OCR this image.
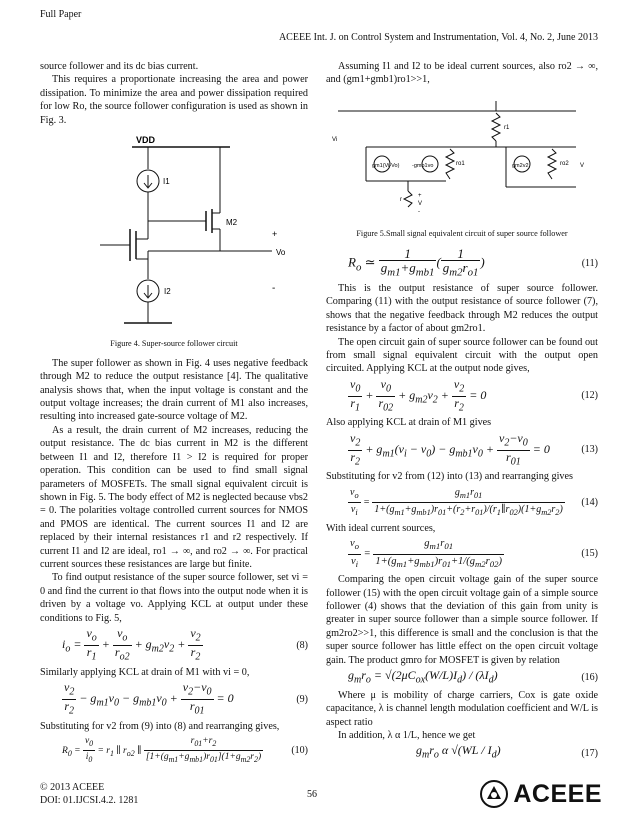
Full Paper
ACEEE Int. J. on Control System and Instrumentation, Vol. 4, No. 2, June 2013

source follower and its dc bias current.

This requires a proportionate increasing the area and power dissipation. To minimize the area and power dissipation required for low Ro, the source follower configuration is used as shown in Fig. 3.

VDD
I1
M2
Vo
+
I2	-
Figure 4. Super-source follower circuit

The super follower as shown in Fig. 4 uses negative feedback through M2 to reduce the output resistance [4]. The qualitative analysis shows that, when the input voltage is constant and the output voltage increases; the drain current of M1 also increases, resulting into increased gate-source voltage of M2.

As a result, the drain current of M2 increases, reducing the output resistance. The dc bias current in M2 is the different between I1 and I2, therefore I1 > I2 is required for proper operation. This condition can be used to find small signal parameters of MOSFETs. The small signal equivalent circuit is shown in Fig. 5. The body effect of M2 is neglected because vbs2 = 0. The polarities voltage controlled current sources for NMOS and PMOS are identical. The current sources I1 and I2 are replaced by their internal resistances r1 and r2 respectively. If current I1 and I2 are ideal, ro1 → ∞, and ro2 → ∞. For practical current sources these resistances are large but finite.

To find output resistance of the super source follower, set vi = 0 and find the current io that flows into the output node when it is driven by a voltage vo. Applying KCL at output under these conditions to Fig. 5,

$i_o = \frac{v_o}{r_1} + \frac{v_o}{r_{o2}} + g_{m2}v_2 + \frac{v_2}{r_2}$	(8)

Similarly applying KCL at drain of M1 with vi = 0,

$\frac{v_2}{r_2} - g_{m1}v_0 - g_{mb1}v_0 + \frac{v_2-v_0}{r_{01}} = 0$	(9)

Substituting for v2 from (9) into (8) and rearranging gives,

$R_0 = \frac{v_0}{i_0} = r_1$ ∥ $r_{o2}$ ∥ $\frac{r_{01}+r_2}{[1+(g_{m1}+g_{mb1})r_{01}](1+g_{m2}r_2)}$	(10)

Assuming I1 and I2 to be ideal current sources, also ro2 → ∞, and (gm1+gmb1)ro1>>1,

r1
Vi
gm1(Vi-Vo) -gmb1vo	ro1
r
+
V
-
gm2v2	ro2 V
Figure 5.Small signal equivalent circuit of super source follower
$R_o$ ≃ $\frac{1}{g_{m1}+g_{mb1}}$ ( $\frac{1}{g_{m2}r_{o1}}$ )	(11)

This is the output resistance of super source follower. Comparing (11) with the output resistance of source follower (7), shows that the negative feedback through M2 reduces the output resistance by a factor of about gm2ro1.

The open circuit gain of super source follower can be found out from small signal equivalent circuit with the output open circuited. Applying KCL at the output node gives,

$\frac{v_0}{r_1} + \frac{v_0}{r_{02}} + g_{m2}v_2 + \frac{v_2}{r_2} = 0$	(12)

Also applying KCL at drain of M1 gives

$\frac{v_2}{r_2} + g_{m1}(v_i - v_0) - g_{mb1}v_0 + \frac{v_2-v_0}{r_{01}} = 0$	(13)

Substituting for v2 from (12) into (13) and rearranging gives

$\frac{v_o}{v_i} = \frac{g_{m1}r_{01}}{1+(g_{m1}+g_{mb1})r_{01}+(r_2+r_{01})/(r_1\parallel r_{02})(1+g_{m2}r_2)} (14)$

With ideal current sources,

$\frac{v_o}{v_i} = \frac{g_{m1}r_{01}}{1+(g_{m1}+g_{mb1})r_{01}+1/(g_{m2}r_{02})}$	(15)

Comparing the open circuit voltage gain of the super source follower (15) with the open circuit voltage gain of a simple source follower (4) shows that the deviation of this gain from unity is greater in super source follower than a simple source follower. If gm2ro2>>1, this difference is small and the conclusion is that the super source follower has little effect on the open circuit voltage gain. The product gmro for MOSFET is given by relation

$g_mr_o = √(2\mu C_{ox}(W/L)I_d) / (\lambda I_d)$	(16)

Where μ is mobility of charge carriers, Cox is gate oxide capacitance, λ is channel length modulation coefficient and W/L is aspect ratio

In addition, λ α 1/L, hence we get

$g_mr_o$ α $√(WL / I_d)$	(17)
© 2013 ACEEE
DOI: 01.IJCSI.4.2. 1281
56	ACEEE
